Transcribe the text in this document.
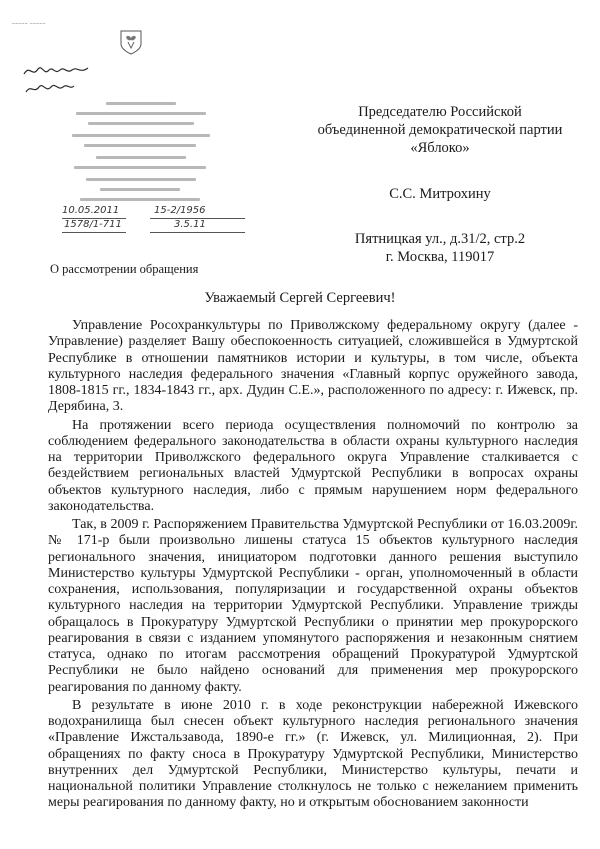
~~~~~ ~~~~~
10.05.2011	15-2/1956
1578/1-711	3.5.11
Председателю Российской
объединенной демократической партии
«Яблоко»
С.С. Митрохину
Пятницкая ул., д.31/2, стр.2
г. Москва, 119017
О рассмотрении обращения
Уважаемый Сергей Сергеевич!

Управление Росохранкультуры по Приволжскому федеральному округу (далее - Управление) разделяет Вашу обеспокоенность ситуацией, сложившейся в Удмуртской Республике в отношении памятников истории и культуры, в том числе, объекта культурного наследия федерального значения «Главный корпус оружейного завода, 1808-1815 гг., 1834-1843 гг., арх. Дудин С.Е.», расположенного по адресу: г. Ижевск, пр. Дерябина, 3.

На протяжении всего периода осуществления полномочий по контролю за соблюдением федерального законодательства в области охраны культурного наследия на территории Приволжского федерального округа Управление сталкивается с бездействием региональных властей Удмуртской Республики в вопросах охраны объектов культурного наследия, либо с прямым нарушением норм федерального законодательства.

Так, в 2009 г. Распоряжением Правительства Удмуртской Республики от 16.03.2009г. № 171-р были произвольно лишены статуса 15 объектов культурного наследия регионального значения, инициатором подготовки данного решения выступило Министерство культуры Удмуртской Республики - орган, уполномоченный в области сохранения, использования, популяризации и государственной охраны объектов культурного наследия на территории Удмуртской Республики. Управление трижды обращалось в Прокуратуру Удмуртской Республики о принятии мер прокурорского реагирования в связи с изданием упомянутого распоряжения и незаконным снятием статуса, однако по итогам рассмотрения обращений Прокуратурой Удмуртской Республики не было найдено оснований для применения мер прокурорского реагирования по данному факту.

В результате в июне 2010 г. в ходе реконструкции набережной Ижевского водохранилища был снесен объект культурного наследия регионального значения «Правление Ижстальзавода, 1890-е гг.» (г. Ижевск, ул. Милиционная, 2). При обращениях по факту сноса в Прокуратуру Удмуртской Республики, Министерство внутренних дел Удмуртской Республики, Министерство культуры, печати и национальной политики Управление столкнулось не только с нежеланием применить меры реагирования по данному факту, но и открытым обоснованием законности
